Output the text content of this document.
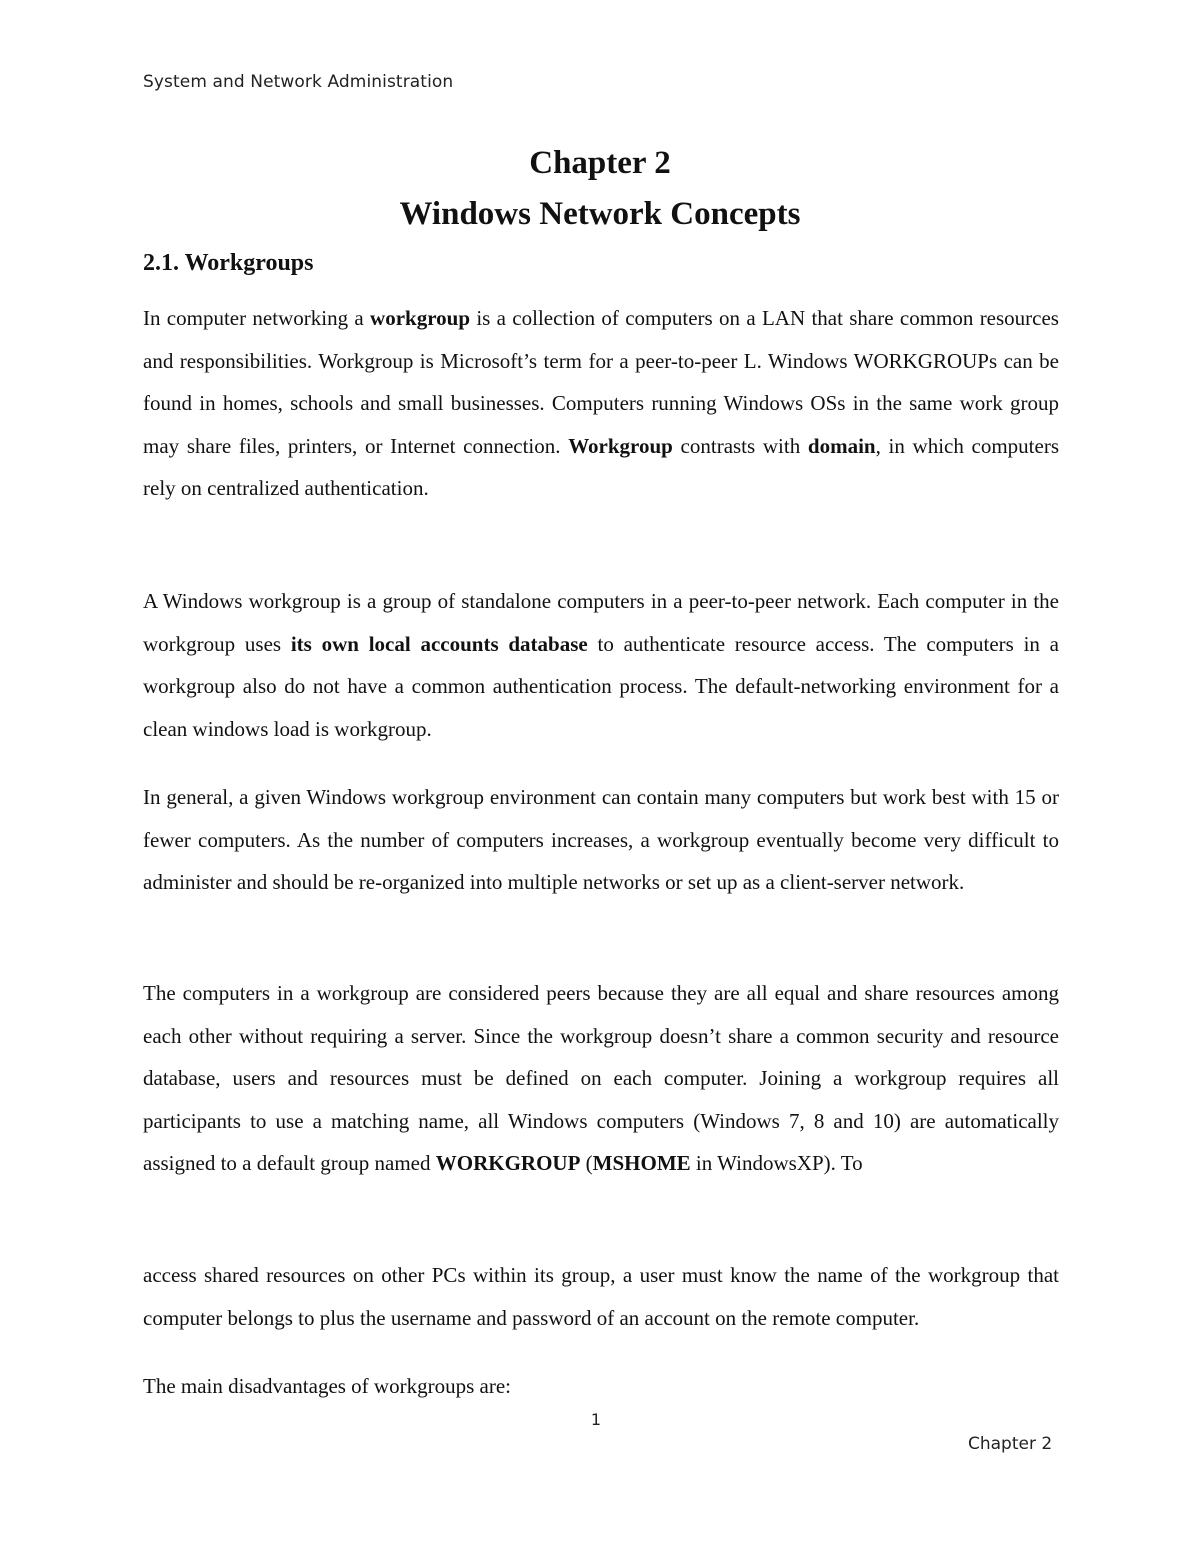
System and Network Administration
Chapter 2
Windows Network Concepts
2.1. Workgroups

In computer networking a workgroup is a collection of computers on a LAN that share common resources and responsibilities. Workgroup is Microsoft’s term for a peer-to-peer L. Windows WORKGROUPs can be found in homes, schools and small businesses. Computers running Windows OSs in the same work group may share files, printers, or Internet connection. Workgroup contrasts with domain, in which computers rely on centralized authentication.

A Windows workgroup is a group of standalone computers in a peer-to-peer network. Each computer in the workgroup uses its own local accounts database to authenticate resource access. The computers in a workgroup also do not have a common authentication process. The default-networking environment for a clean windows load is workgroup.

In general, a given Windows workgroup environment can contain many computers but work best with 15 or fewer computers. As the number of computers increases, a workgroup eventually become very difficult to administer and should be re-organized into multiple networks or set up as a client-server network.

The computers in a workgroup are considered peers because they are all equal and share resources among each other without requiring a server. Since the workgroup doesn’t share a common security and resource database, users and resources must be defined on each computer. Joining a workgroup requires all participants to use a matching name, all Windows computers (Windows 7, 8 and 10) are automatically assigned to a default group named WORKGROUP (MSHOME in WindowsXP). To

access shared resources on other PCs within its group, a user must know the name of the workgroup that computer belongs to plus the username and password of an account on the remote computer.

The main disadvantages of workgroups are:

1
Chapter 2
